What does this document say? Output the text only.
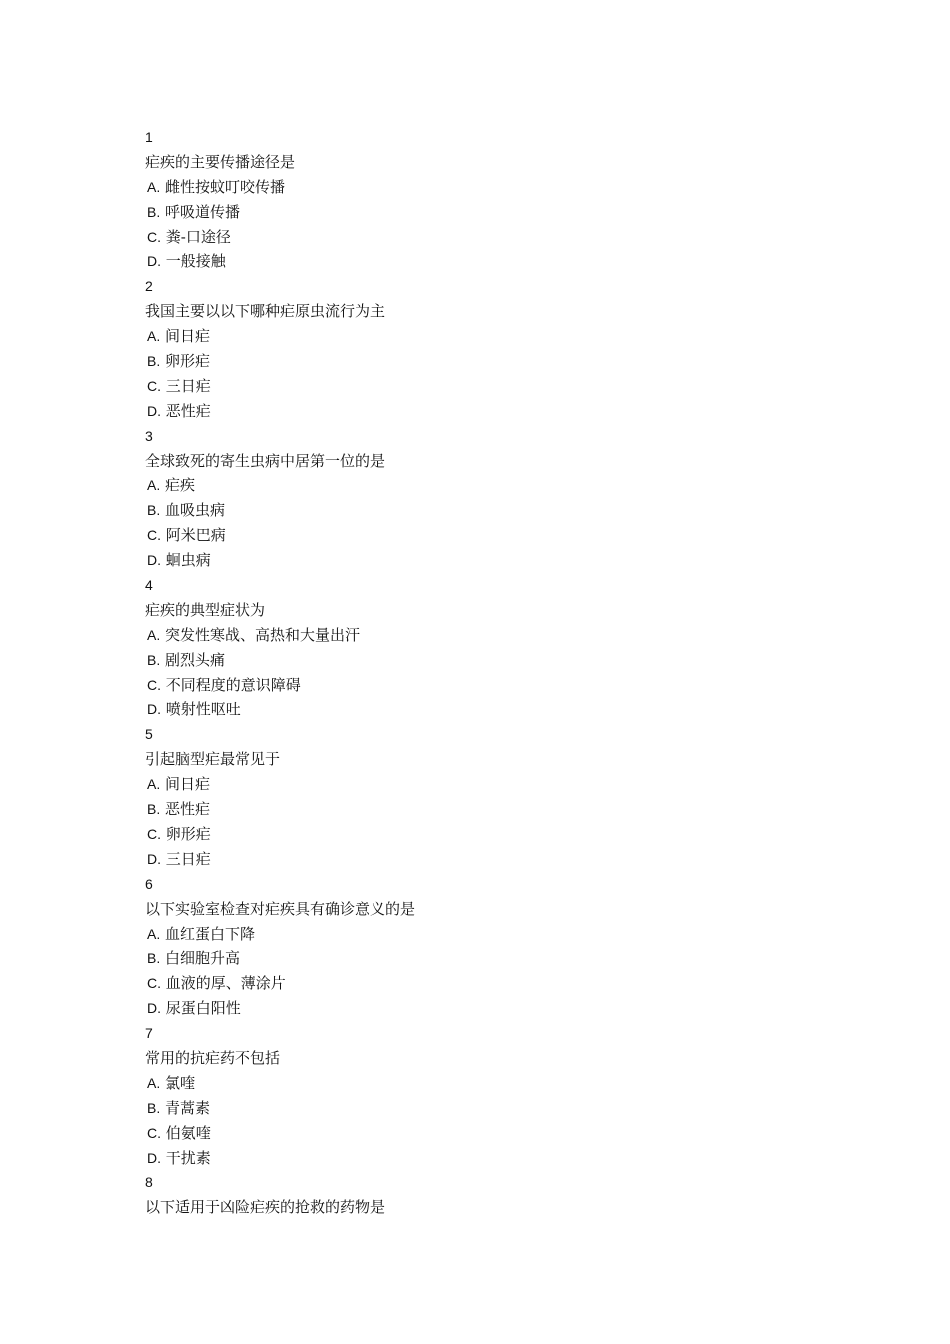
1
疟疾的主要传播途径是
A. 雌性按蚊叮咬传播
B. 呼吸道传播
C. 粪-口途径
D. 一般接触
2
我国主要以以下哪种疟原虫流行为主
A. 间日疟
B. 卵形疟
C. 三日疟
D. 恶性疟
3
全球致死的寄生虫病中居第一位的是
A. 疟疾
B. 血吸虫病
C. 阿米巴病
D. 蛔虫病
4
疟疾的典型症状为
A. 突发性寒战、高热和大量出汗
B. 剧烈头痛
C. 不同程度的意识障碍
D. 喷射性呕吐
5
引起脑型疟最常见于
A. 间日疟
B. 恶性疟
C. 卵形疟
D. 三日疟
6
以下实验室检查对疟疾具有确诊意义的是
A. 血红蛋白下降
B. 白细胞升高
C. 血液的厚、薄涂片
D. 尿蛋白阳性
7
常用的抗疟药不包括
A. 氯喹
B. 青蒿素
C. 伯氨喹
D. 干扰素
8
以下适用于凶险疟疾的抢救的药物是
